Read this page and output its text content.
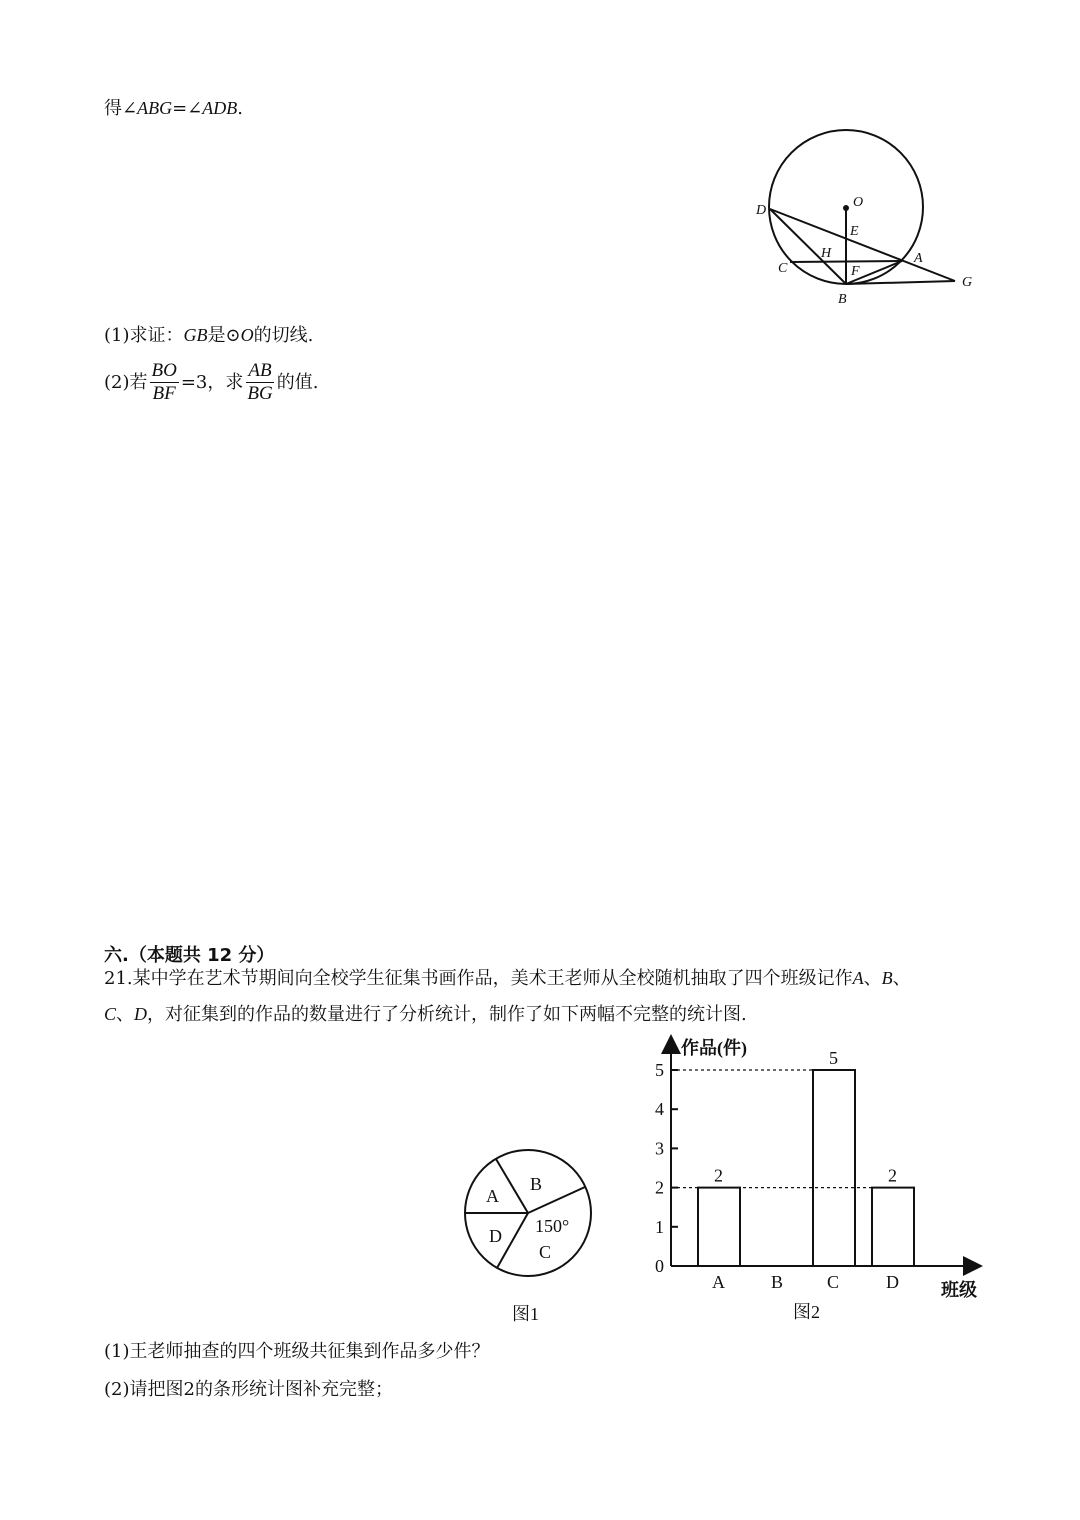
得∠ABG=∠ADB.
O
D
E
H	A
C	F
B
G
(1)求证：GB是⊙O的切线.
(2) 若 $\frac{BO}{BF} =3$，求 $\frac{AB}{BG}$ 的值.
六.（本题共 12 分）
21.某中学在艺术节期间向全校学生征集书画作品，美术王老师从全校随机抽取了四个班级记作A、B、
C、D，对征集到的作品的数量进行了分析统计，制作了如下两幅不完整的统计图.
A
B
D 150°
C
图1
0
1
2
3
4
5
A	B C	D
2
5
2
作品(件)
班级
图2
(1)王老师抽查的四个班级共征集到作品多少件？
(2)请把图2的条形统计图补充完整；
